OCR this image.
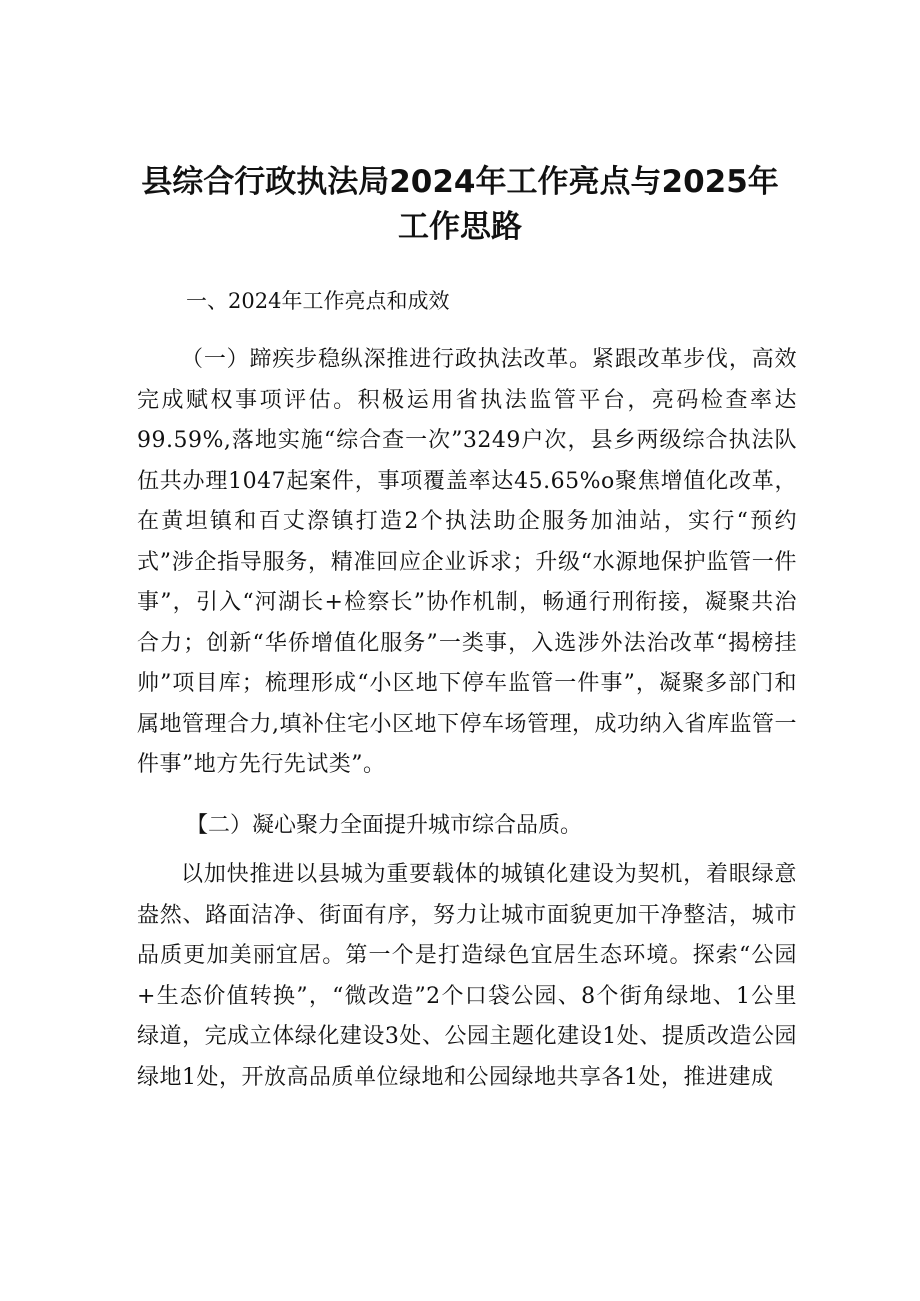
县综合行政执法局2024年工作亮点与2025年
工作思路

一、2024年工作亮点和成效

（一）蹄疾步稳纵深推进行政执法改革。紧跟改革步伐，高效完成赋权事项评估。积极运用省执法监管平台，亮码检查率达99.59%,落地实施“综合查一次”3249户次，县乡两级综合执法队伍共办理1047起案件，事项覆盖率达45.65%o聚焦增值化改革，在黄坦镇和百丈漈镇打造2个执法助企服务加油站，实行“预约式”涉企指导服务，精准回应企业诉求；升级“水源地保护监管一件事”，引入“河湖长+检察长”协作机制，畅通行刑衔接，凝聚共治合力；创新“华侨增值化服务”一类事，入选涉外法治改革“揭榜挂帅”项目库；梳理形成“小区地下停车监管一件事”，凝聚多部门和属地管理合力,填补住宅小区地下停车场管理，成功纳入省库监管一件事”地方先行先试类”。

【二）凝心聚力全面提升城市综合品质。

以加快推进以县城为重要载体的城镇化建设为契机，着眼绿意盎然、路面洁净、街面有序，努力让城市面貌更加干净整洁，城市品质更加美丽宜居。第一个是打造绿色宜居生态环境。探索“公园+生态价值转换”，“微改造”2个口袋公园、8个街角绿地、1公里绿道，完成立体绿化建设3处、公园主题化建设1处、提质改造公园绿地1处，开放高品质单位绿地和公园绿地共享各1处，推进建成
